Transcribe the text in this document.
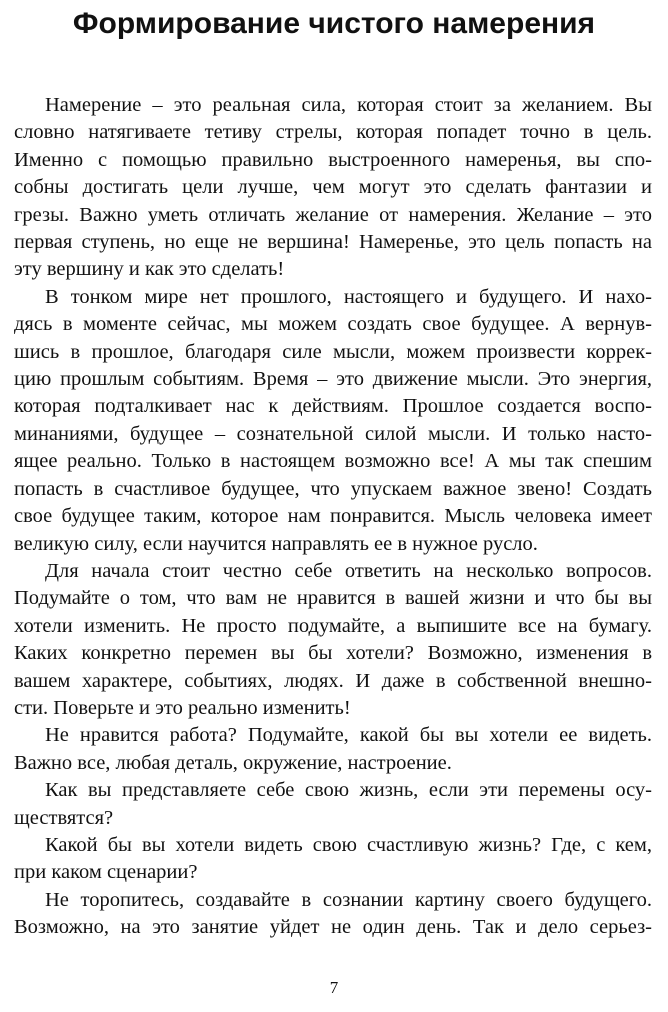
Формирование чистого намерения

Намерение – это реальная сила, которая стоит за желанием. Вы
словно натягиваете тетиву стрелы, которая попадет точно в цель.
Именно с помощью правильно выстроенного намеренья, вы спо-
собны достигать цели лучше, чем могут это сделать фантазии и
грезы. Важно уметь отличать желание от намерения. Желание – это
первая ступень, но еще не вершина! Намеренье, это цель попасть на
эту вершину и как это сделать!

В тонком мире нет прошлого, настоящего и будущего. И нахо-
дясь в моменте сейчас, мы можем создать свое будущее. А вернув-
шись в прошлое, благодаря силе мысли, можем произвести коррек-
цию прошлым событиям. Время – это движение мысли. Это энергия,
которая подталкивает нас к действиям. Прошлое создается воспо-
минаниями, будущее – сознательной силой мысли. И только насто-
ящее реально. Только в настоящем возможно все! А мы так спешим
попасть в счастливое будущее, что упускаем важное звено! Создать
свое будущее таким, которое нам понравится. Мысль человека имеет
великую силу, если научится направлять ее в нужное русло.

Для начала стоит честно себе ответить на несколько вопросов.
Подумайте о том, что вам не нравится в вашей жизни и что бы вы
хотели изменить. Не просто подумайте, а выпишите все на бумагу.
Каких конкретно перемен вы бы хотели? Возможно, изменения в
вашем характере, событиях, людях. И даже в собственной внешно-
сти. Поверьте и это реально изменить!

Не нравится работа? Подумайте, какой бы вы хотели ее видеть.
Важно все, любая деталь, окружение, настроение.

Как вы представляете себе свою жизнь, если эти перемены осу-
ществятся?

Какой бы вы хотели видеть свою счастливую жизнь? Где, с кем,
при каком сценарии?

Не торопитесь, создавайте в сознании картину своего будущего.
Возможно, на это занятие уйдет не один день. Так и дело серьез-

7
